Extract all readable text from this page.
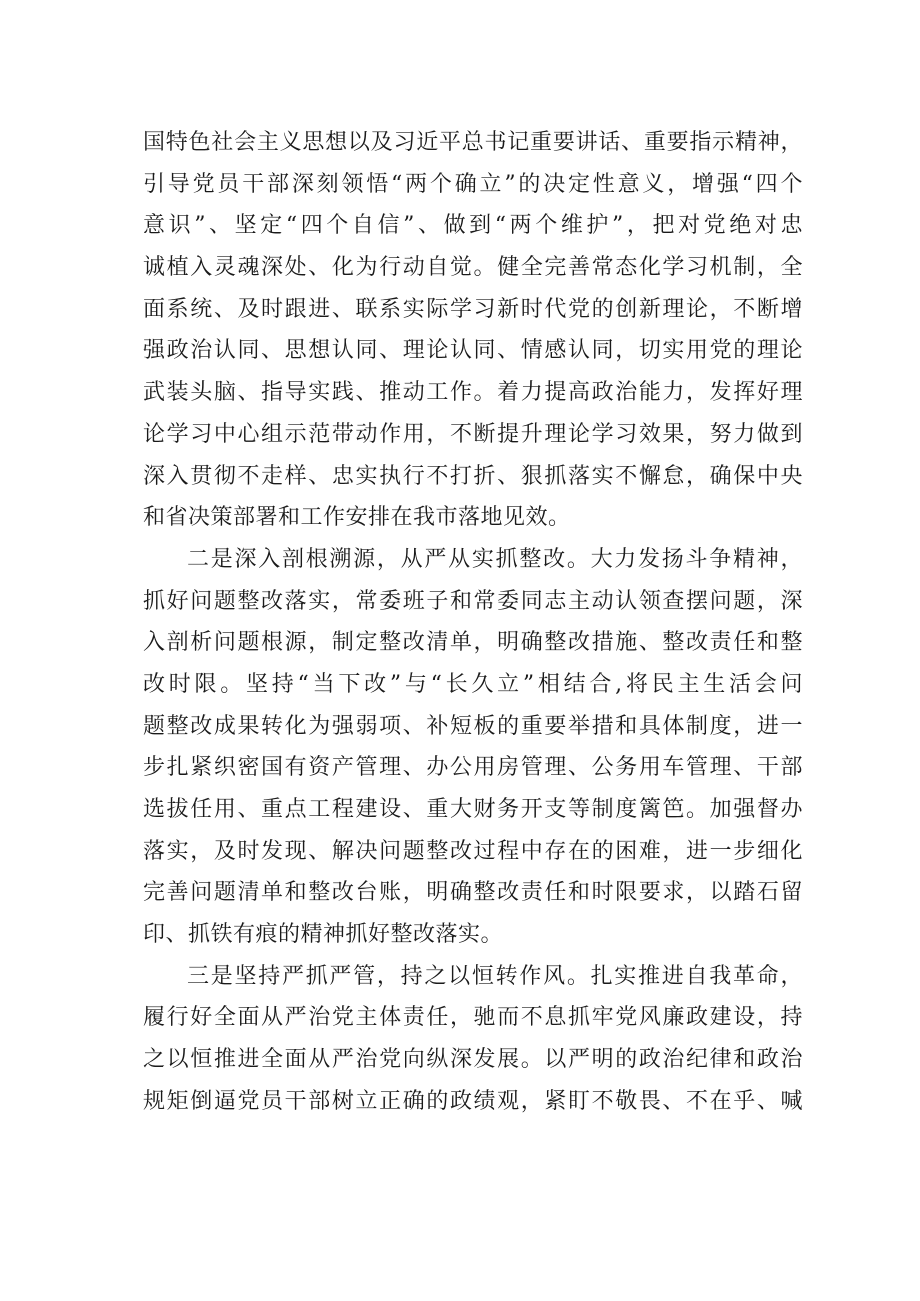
国特色社会主义思想以及习近平总书记重要讲话、重要指示精神，
引导党员干部深刻领悟“两个确立”的决定性意义，增强“四个
意识”、坚定“四个自信”、做到“两个维护”，把对党绝对忠
诚植入灵魂深处、化为行动自觉。健全完善常态化学习机制，全
面系统、及时跟进、联系实际学习新时代党的创新理论，不断增
强政治认同、思想认同、理论认同、情感认同，切实用党的理论
武装头脑、指导实践、推动工作。着力提高政治能力，发挥好理
论学习中心组示范带动作用，不断提升理论学习效果，努力做到
深入贯彻不走样、忠实执行不打折、狠抓落实不懈怠，确保中央
和省决策部署和工作安排在我市落地见效。
二是深入剖根溯源，从严从实抓整改。大力发扬斗争精神，
抓好问题整改落实，常委班子和常委同志主动认领查摆问题，深
入剖析问题根源，制定整改清单，明确整改措施、整改责任和整
改时限。坚持“当下改”与“长久立”相结合,将民主生活会问
题整改成果转化为强弱项、补短板的重要举措和具体制度，进一
步扎紧织密国有资产管理、办公用房管理、公务用车管理、干部
选拔任用、重点工程建设、重大财务开支等制度篱笆。加强督办
落实，及时发现、解决问题整改过程中存在的困难，进一步细化
完善问题清单和整改台账，明确整改责任和时限要求，以踏石留
印、抓铁有痕的精神抓好整改落实。
三是坚持严抓严管，持之以恒转作风。扎实推进自我革命，
履行好全面从严治党主体责任，驰而不息抓牢党风廉政建设，持
之以恒推进全面从严治党向纵深发展。以严明的政治纪律和政治
规矩倒逼党员干部树立正确的政绩观，紧盯不敬畏、不在乎、喊
